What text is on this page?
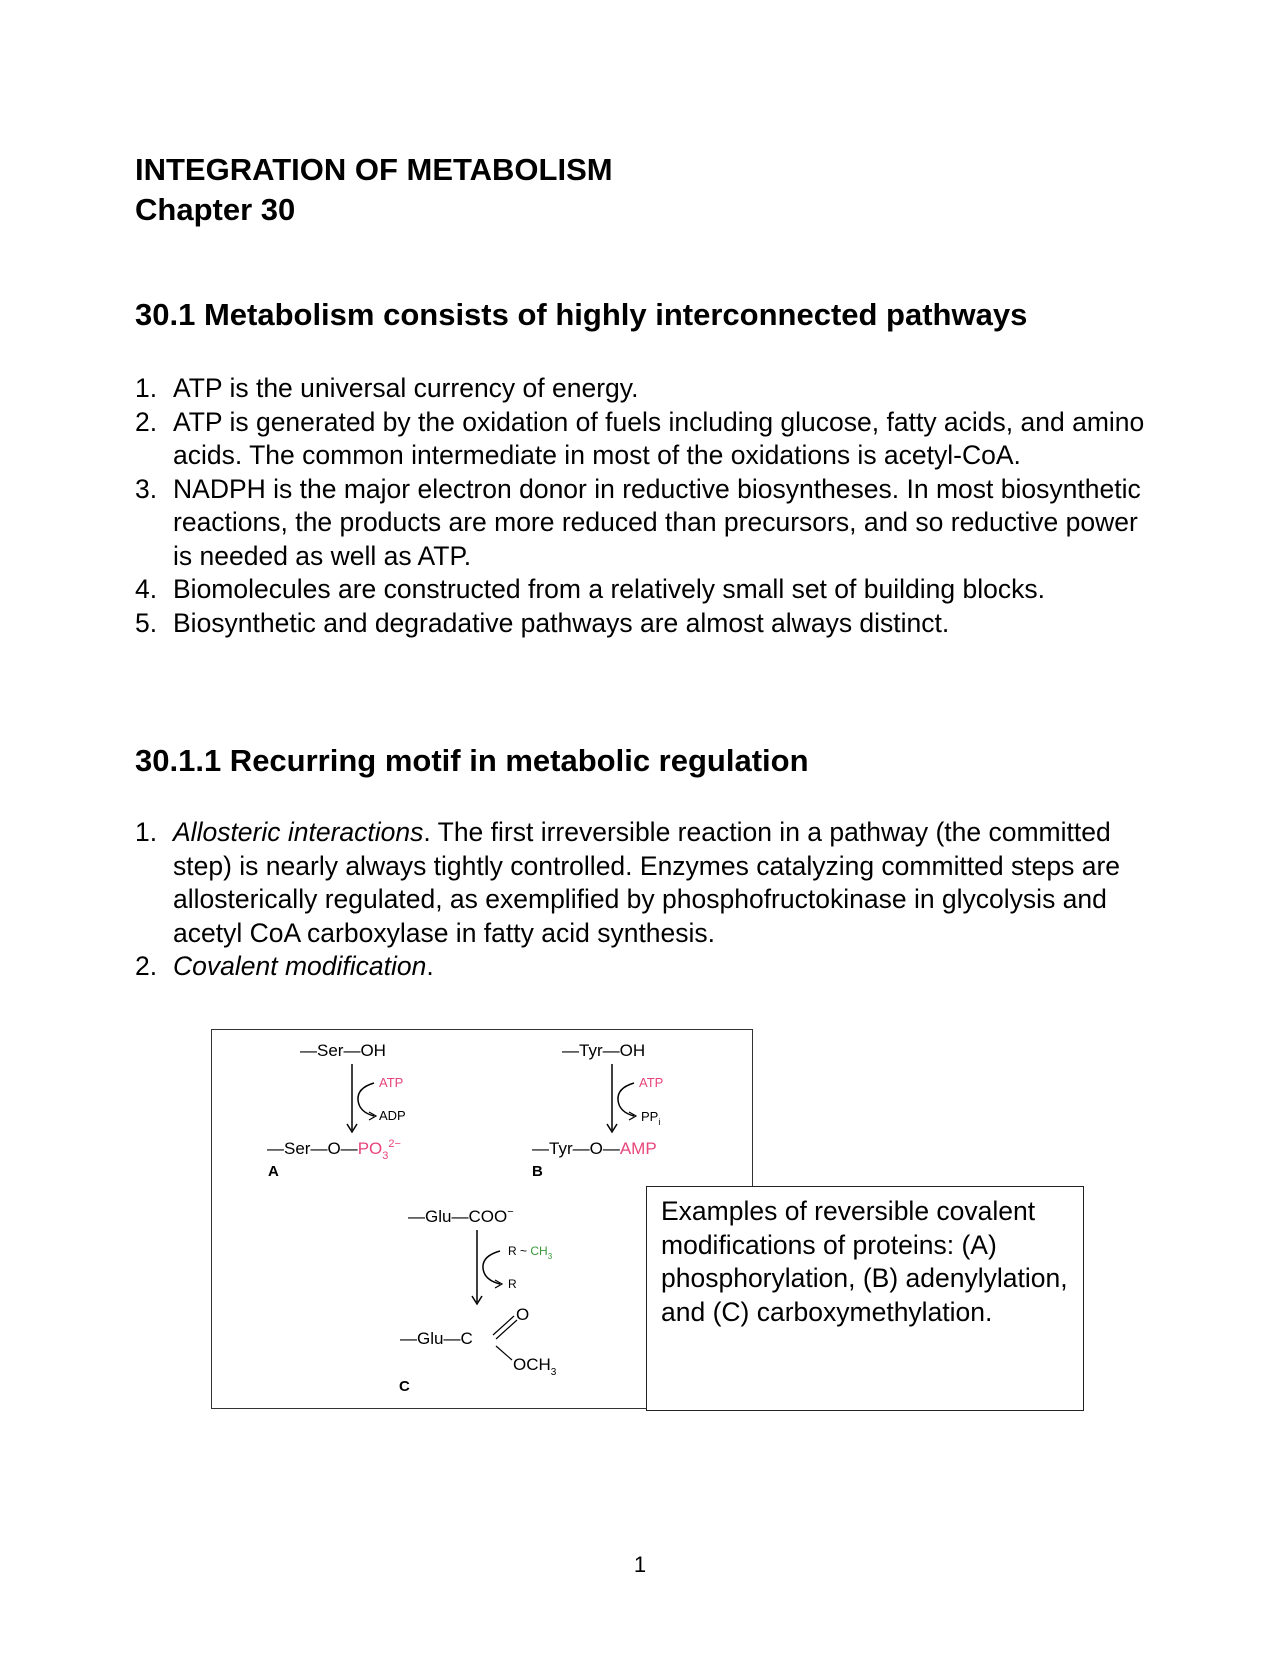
INTEGRATION OF METABOLISM
Chapter 30
30.1 Metabolism consists of highly interconnected pathways
1. ATP is the universal currency of energy.
2. ATP is generated by the oxidation of fuels including glucose, fatty acids, and amino acids. The common intermediate in most of the oxidations is acetyl-CoA.
3. NADPH is the major electron donor in reductive biosyntheses. In most biosynthetic reactions, the products are more reduced than precursors, and so reductive power is needed as well as ATP.
4. Biomolecules are constructed from a relatively small set of building blocks.
5. Biosynthetic and degradative pathways are almost always distinct.
30.1.1 Recurring motif in metabolic regulation
1. Allosteric interactions. The first irreversible reaction in a pathway (the committed step) is nearly always tightly controlled. Enzymes catalyzing committed steps are allosterically regulated, as exemplified by phosphofructokinase in glycolysis and acetyl CoA carboxylase in fatty acid synthesis.
2. Covalent modification.
—Ser—OH
ATP
ADP
$—Ser—O—PO_3^{2-}$
A
—Tyr—OH
ATP
$PP_i$
—Tyr—O—AMP
B
—Glu—COO−
R ~ $CH_3$
R
—Glu—C
O
$OCH_3$
C
Examples of reversible covalent modifications of proteins: (A) phosphorylation, (B) adenylylation, and (C) carboxymethylation.
1
